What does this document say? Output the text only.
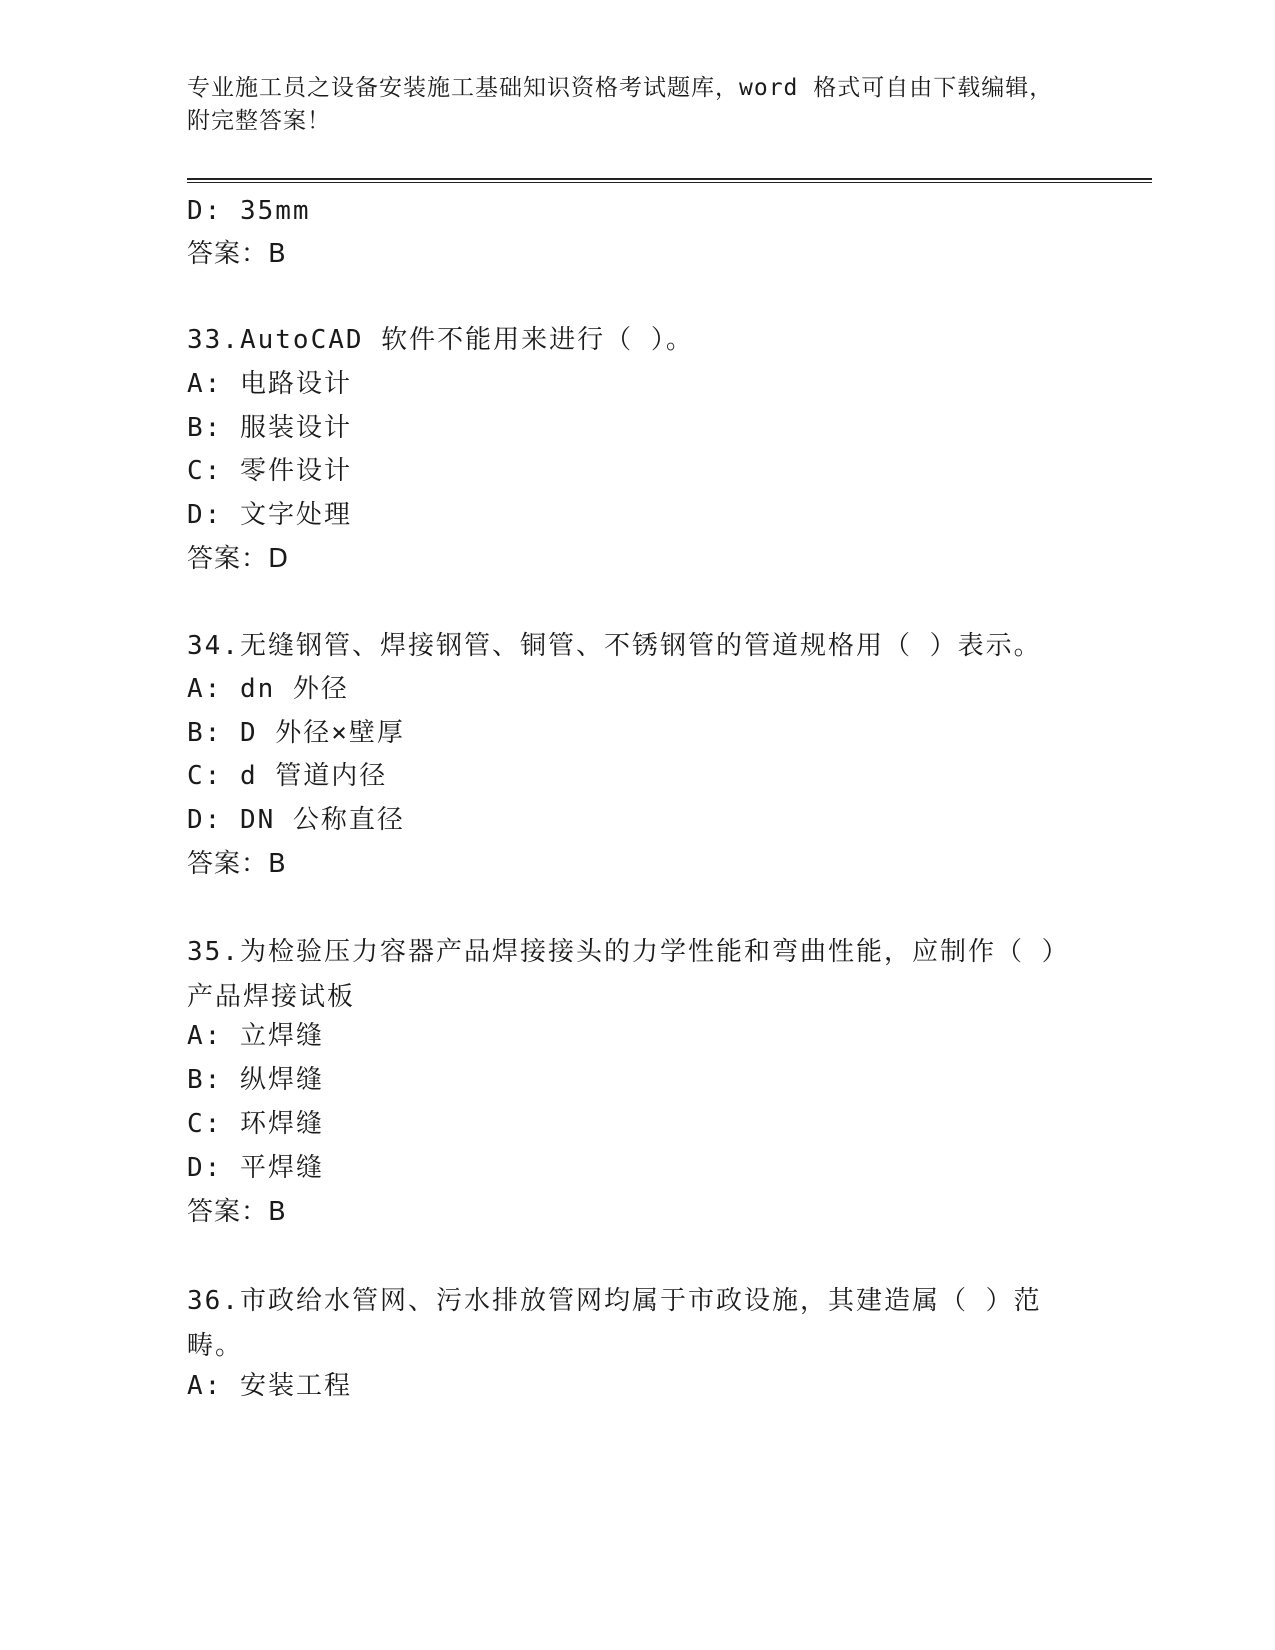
专业施工员之设备安装施工基础知识资格考试题库，word 格式可自由下载编辑，附完整答案！
D: 35mm
答案：B
33.AutoCAD 软件不能用来进行（ ）。
A: 电路设计
B: 服装设计
C: 零件设计
D: 文字处理
答案：D
34.无缝钢管、焊接钢管、铜管、不锈钢管的管道规格用（ ）表示。
A: dn 外径
B: D 外径×壁厚
C: d 管道内径
D: DN 公称直径
答案：B
35.为检验压力容器产品焊接接头的力学性能和弯曲性能，应制作（ ）产品焊接试板
A: 立焊缝
B: 纵焊缝
C: 环焊缝
D: 平焊缝
答案：B
36.市政给水管网、污水排放管网均属于市政设施，其建造属（ ）范畴。
A: 安装工程
